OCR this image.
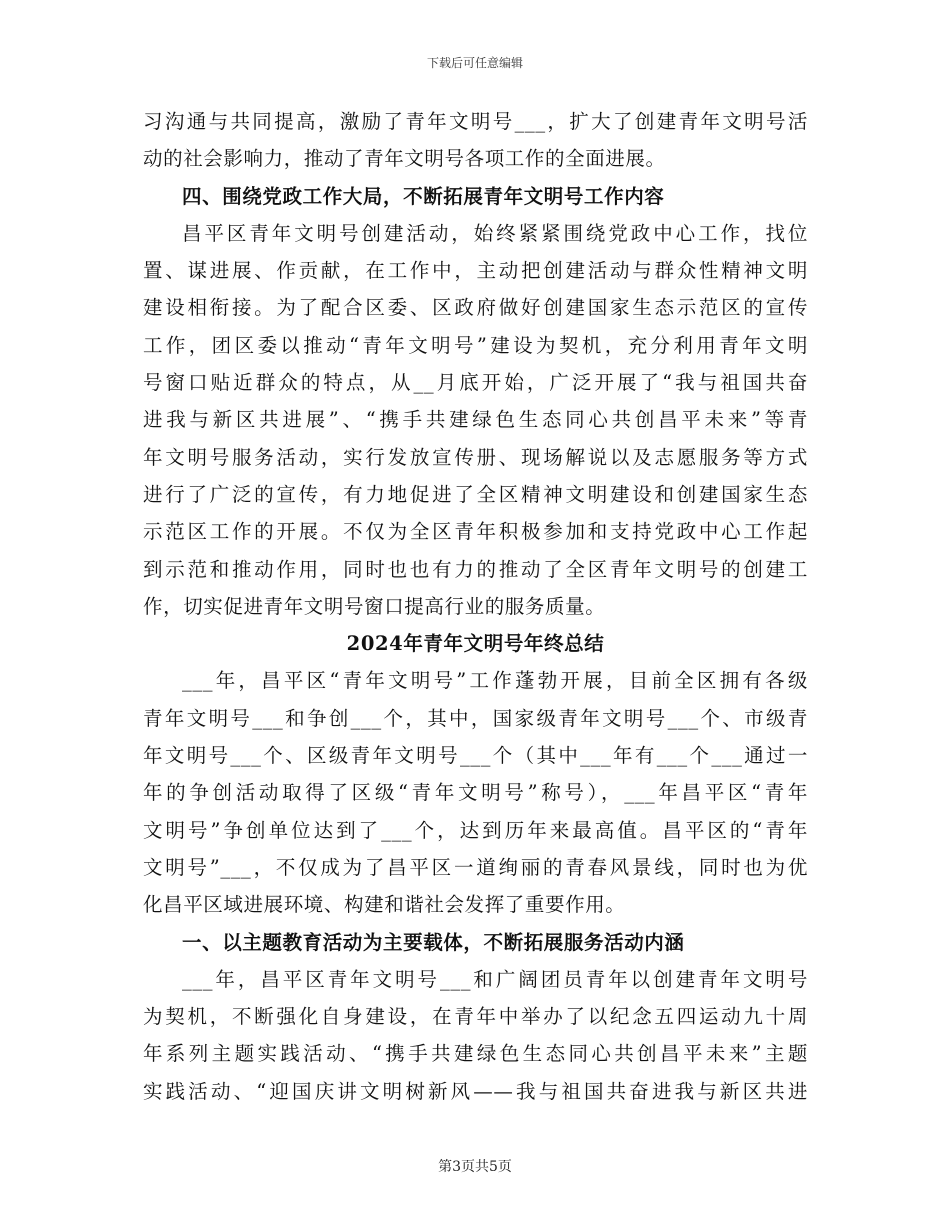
下载后可任意编辑
习沟通与共同提高，激励了青年文明号___，扩大了创建青年文明号活
动的社会影响力，推动了青年文明号各项工作的全面进展。
四、围绕党政工作大局，不断拓展青年文明号工作内容
昌平区青年文明号创建活动，始终紧紧围绕党政中心工作，找位
置、谋进展、作贡献，在工作中，主动把创建活动与群众性精神文明
建设相衔接。为了配合区委、区政府做好创建国家生态示范区的宣传
工作，团区委以推动“青年文明号”建设为契机，充分利用青年文明
号窗口贴近群众的特点，从__月底开始，广泛开展了“我与祖国共奋
进我与新区共进展”、“携手共建绿色生态同心共创昌平未来”等青
年文明号服务活动，实行发放宣传册、现场解说以及志愿服务等方式
进行了广泛的宣传，有力地促进了全区精神文明建设和创建国家生态
示范区工作的开展。不仅为全区青年积极参加和支持党政中心工作起
到示范和推动作用，同时也也有力的推动了全区青年文明号的创建工
作，切实促进青年文明号窗口提高行业的服务质量。
2024年青年文明号年终总结
___年，昌平区“青年文明号”工作蓬勃开展，目前全区拥有各级
青年文明号___和争创___个，其中，国家级青年文明号___个、市级青
年文明号___个、区级青年文明号___个（其中___年有___个___通过一
年的争创活动取得了区级“青年文明号”称号），___年昌平区“青年
文明号”争创单位达到了___个，达到历年来最高值。昌平区的“青年
文明号”___，不仅成为了昌平区一道绚丽的青春风景线，同时也为优
化昌平区域进展环境、构建和谐社会发挥了重要作用。
一、以主题教育活动为主要载体，不断拓展服务活动内涵
___年，昌平区青年文明号___和广阔团员青年以创建青年文明号
为契机，不断强化自身建设，在青年中举办了以纪念五四运动九十周
年系列主题实践活动、“携手共建绿色生态同心共创昌平未来”主题
实践活动、“迎国庆讲文明树新风——我与祖国共奋进我与新区共进
第3页共5页
